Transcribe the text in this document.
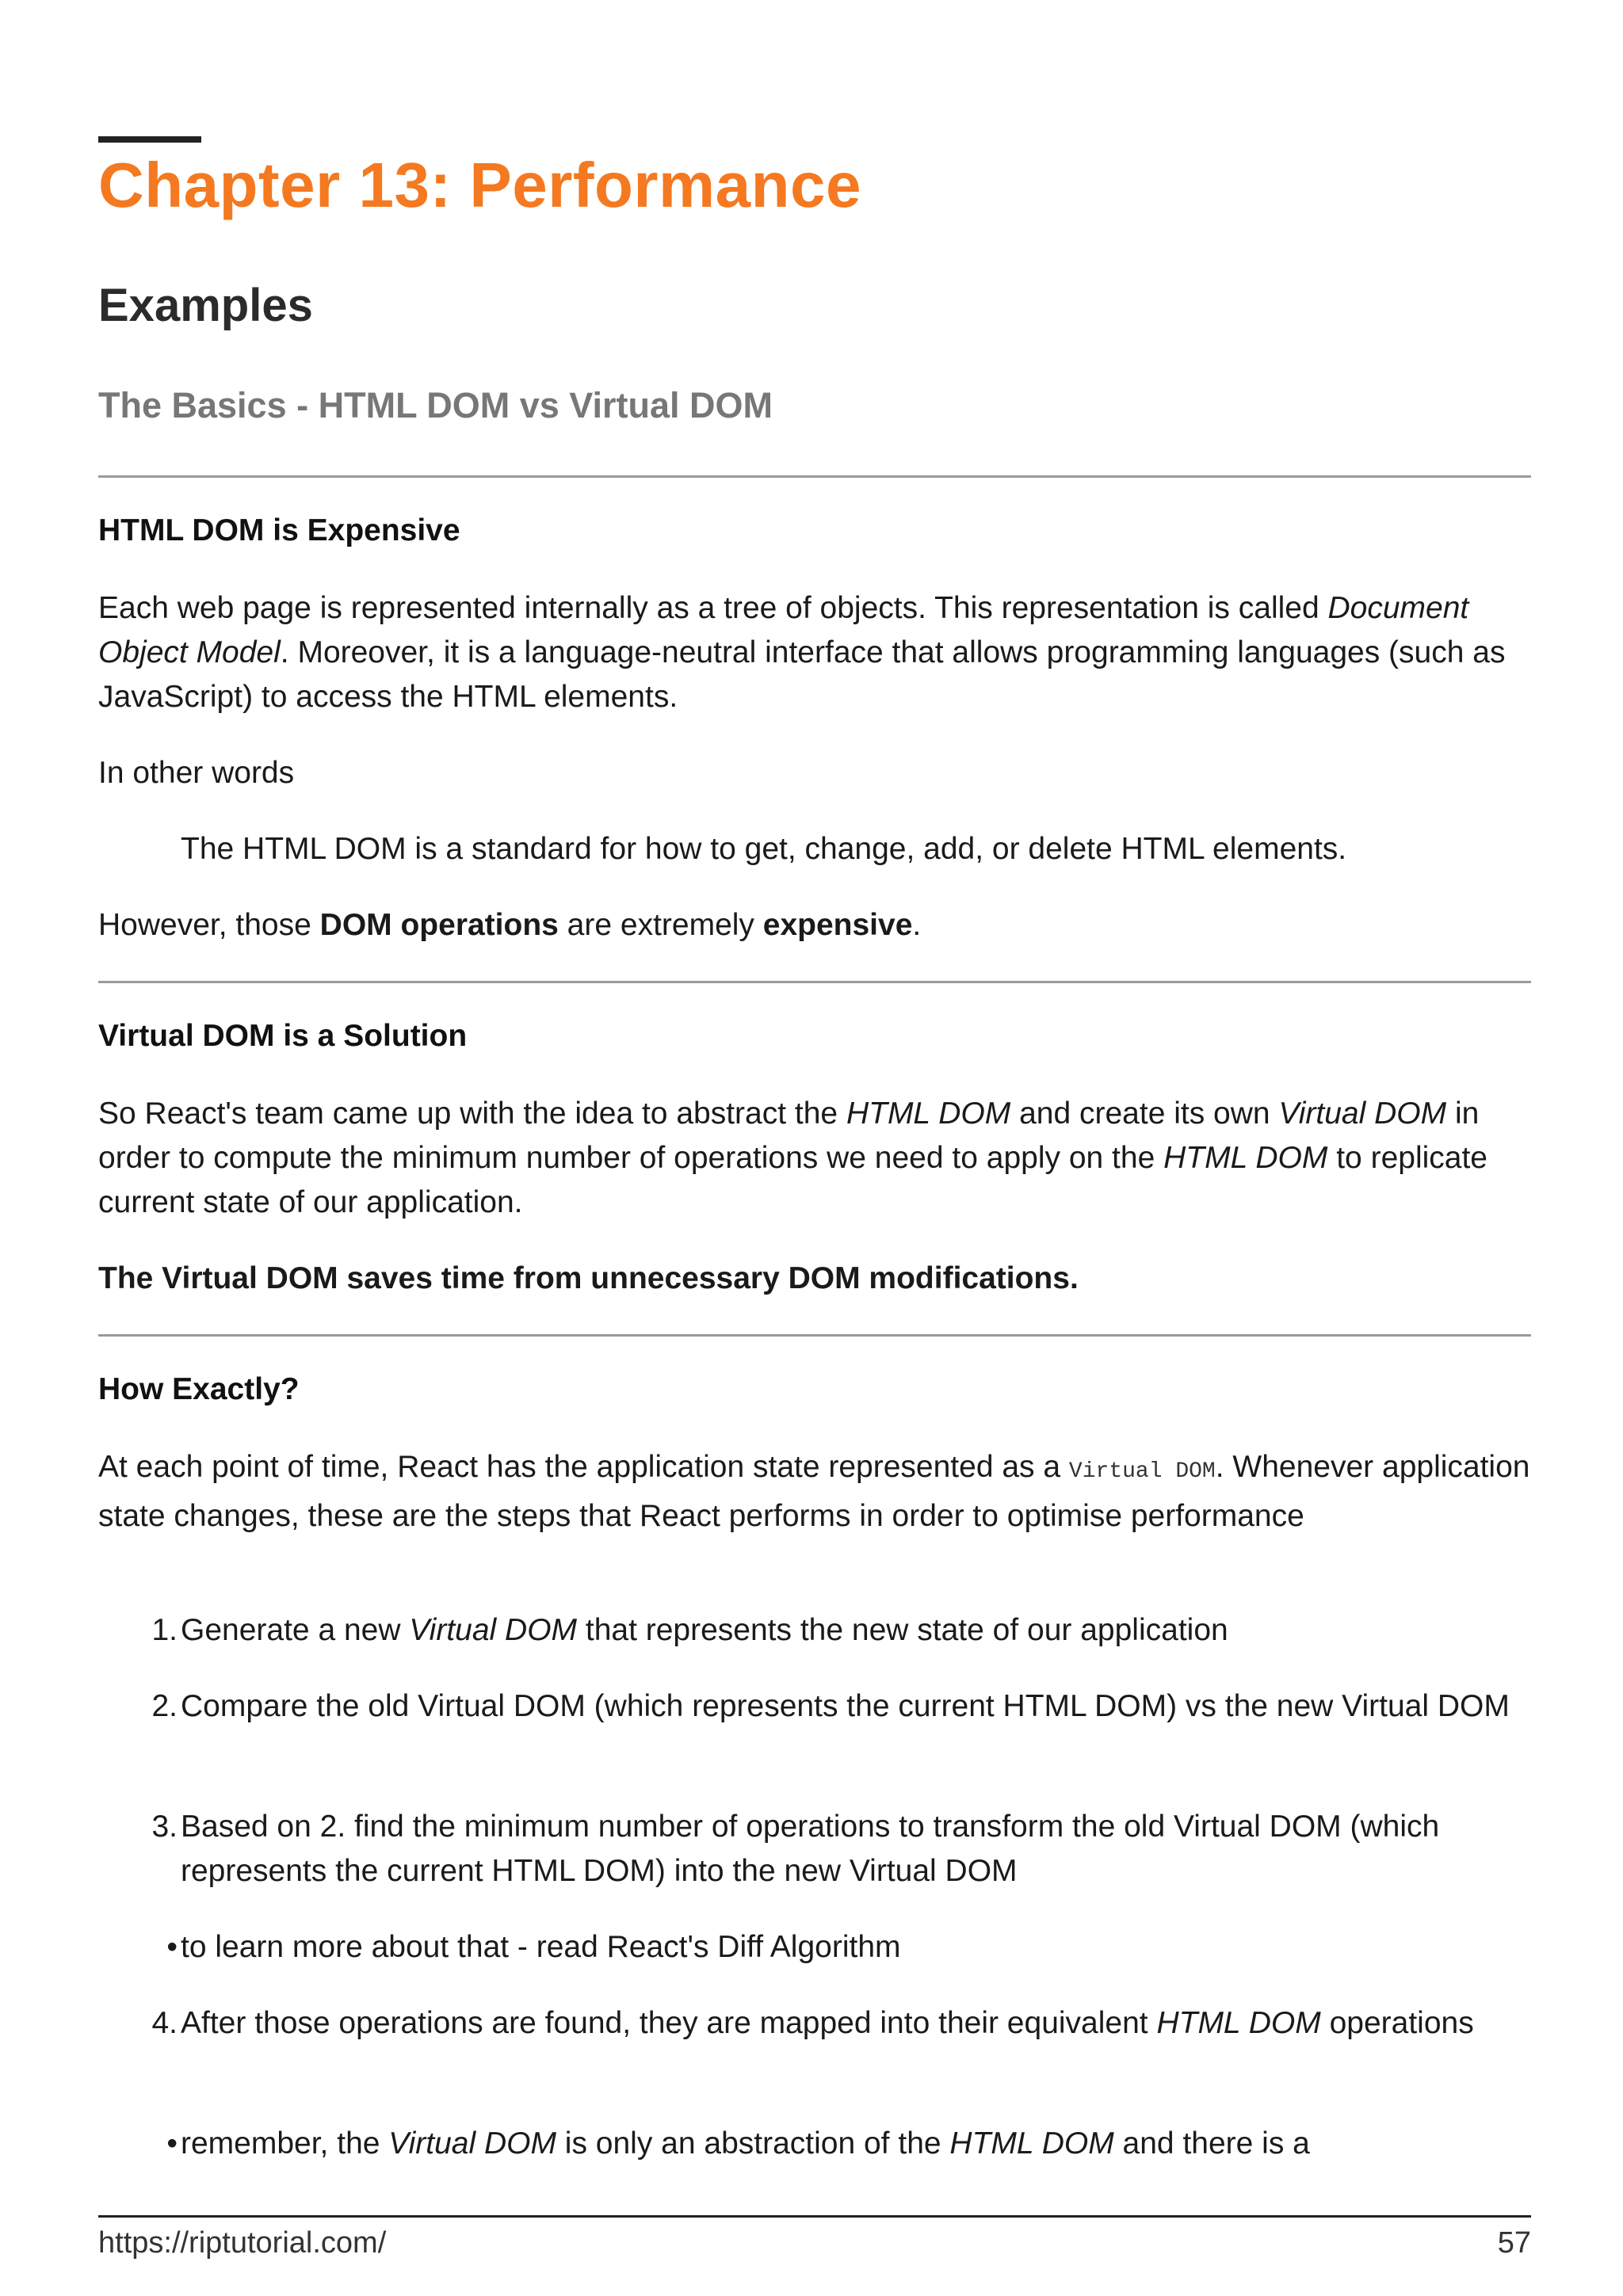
Chapter 13: Performance
Examples
The Basics - HTML DOM vs Virtual DOM
HTML DOM is Expensive

Each web page is represented internally as a tree of objects. This representation is called Document Object Model. Moreover, it is a language-neutral interface that allows programming languages (such as JavaScript) to access the HTML elements.

In other words

The HTML DOM is a standard for how to get, change, add, or delete HTML elements.

However, those DOM operations are extremely expensive.

Virtual DOM is a Solution

So React's team came up with the idea to abstract the HTML DOM and create its own Virtual DOM in order to compute the minimum number of operations we need to apply on the HTML DOM to replicate current state of our application.

The Virtual DOM saves time from unnecessary DOM modifications.

How Exactly?

At each point of time, React has the application state represented as a Virtual DOM. Whenever application state changes, these are the steps that React performs in order to optimise performance

1. Generate a new Virtual DOM that represents the new state of our application
2. Compare the old Virtual DOM (which represents the current HTML DOM) vs the new Virtual DOM
3. Based on 2. find the minimum number of operations to transform the old Virtual DOM (which represents the current HTML DOM) into the new Virtual DOM
• to learn more about that - read React's Diff Algorithm
4. After those operations are found, they are mapped into their equivalent HTML DOM operations
• remember, the Virtual DOM is only an abstraction of the HTML DOM and there is a
https://riptutorial.com/	57
